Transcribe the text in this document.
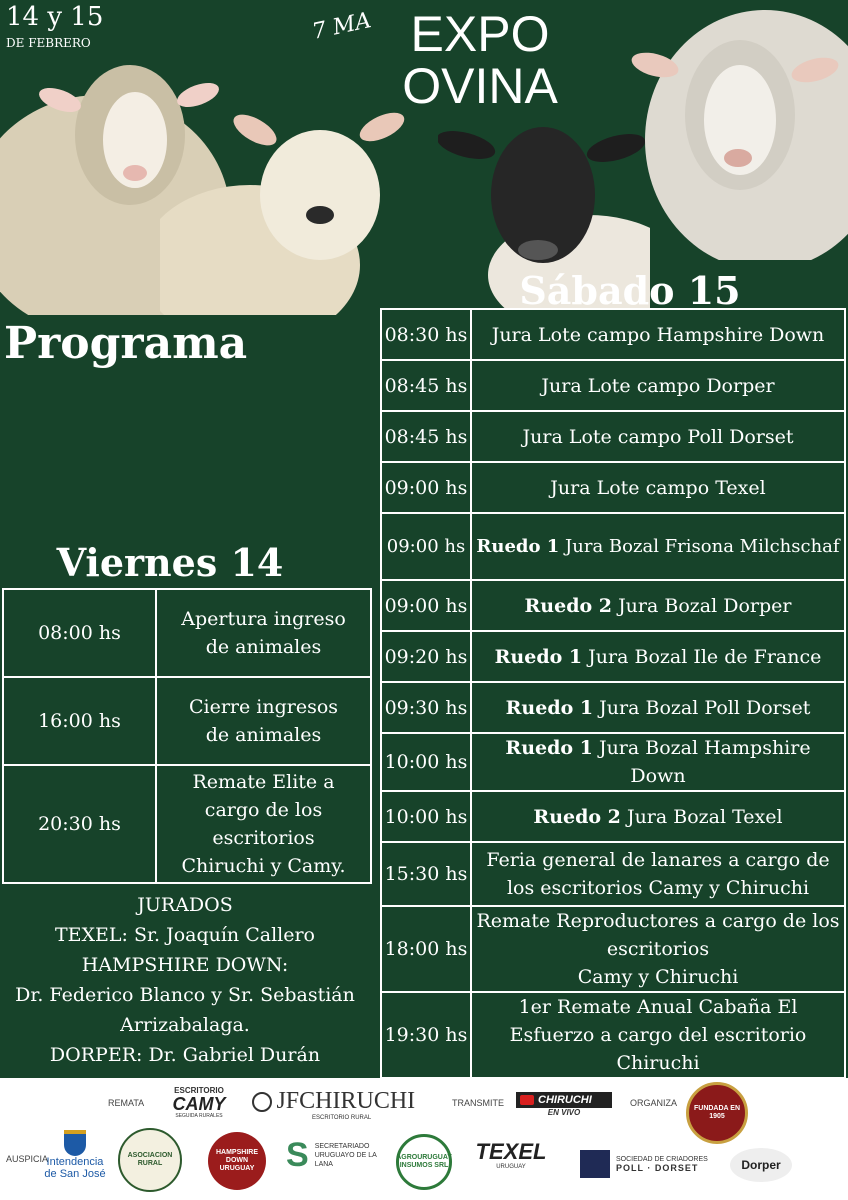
14 y 15
DE FEBRERO	7 MA EXPO
OVINA
Programa
Sábado 15
08:30 hs	Jura Lote campo Hampshire Down
08:45 hs	Jura Lote campo Dorper
08:45 hs	Jura Lote campo Poll Dorset
09:00 hs	Jura Lote campo Texel
09:00 hs	Ruedo 1 Jura Bozal Frisona Milchschaf
09:00 hs	Ruedo 2 Jura Bozal Dorper
09:20 hs	Ruedo 1 Jura Bozal Ile de France
09:30 hs	Ruedo 1 Jura Bozal Poll Dorset
10:00 hs	Ruedo 1 Jura Bozal Hampshire Down
10:00 hs	Ruedo 2 Jura Bozal Texel
15:30 hs	Feria general de lanares a cargo de los escritorios Camy y Chiruchi
18:00 hs	Remate Reproductores a cargo de los escritorios
Camy y Chiruchi
19:30 hs	1er Remate Anual Cabaña El Esfuerzo a cargo del escritorio Chiruchi
Viernes 14
08:00 hs	Apertura ingreso de animales
16:00 hs	Cierre ingresos de animales
20:30 hs	Remate Elite a cargo de los escritorios Chiruchi y Camy.
JURADOS
TEXEL: Sr. Joaquín Callero
HAMPSHIRE DOWN:
Dr. Federico Blanco y Sr. Sebastián Arrizabalaga.
DORPER: Dr. Gabriel Durán
REMATA
ESCRITORIO
CAMY
SEGUIDA RURALES
JFCHIRUCHI
ESCRITORIO RURAL
TRANSMITE	CHIRUCHI
EN VIVO
ORGANIZA
FUNDADA EN 1905
AUSPICIA
Intendencia de San José
ASOCIACION RURAL
HAMPSHIRE DOWN URUGUAY S SECRETARIADO URUGUAYO DE LA LANA
AGROURUGUAY INSUMOS SRL
TEXEL
URUGUAY
SOCIEDAD DE CRIADORES
POLL · DORSET	Dorper
